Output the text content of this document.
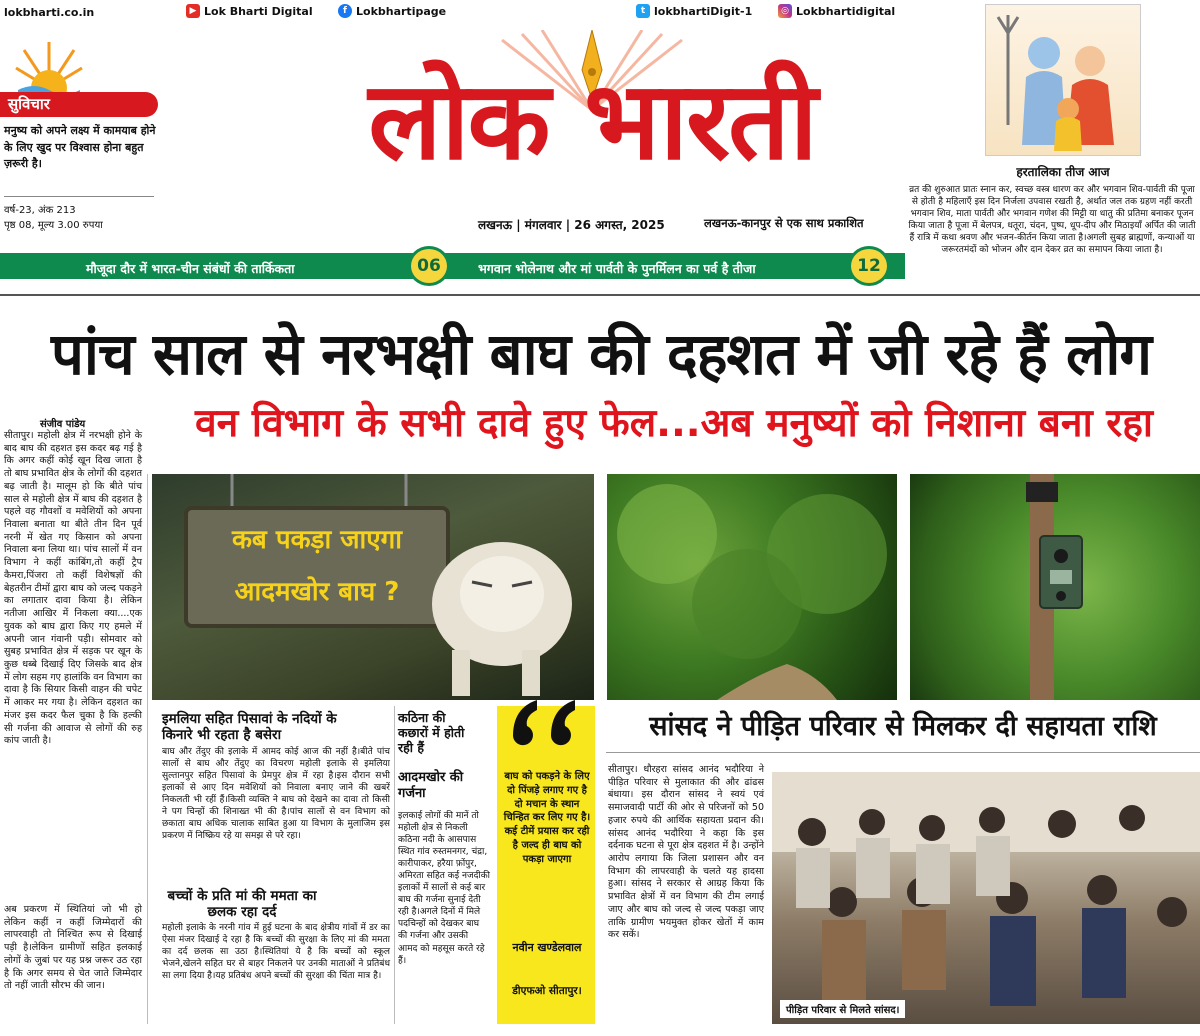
lokbharti.co.in	▶ Lok Bharti Digital	f Lokbhartipage	t lokbhartiDigit-1	◎ Lokbhartidigital
सुविचार
मनुष्य को अपने लक्ष्य में कामयाब होने के लिए खुद पर विश्वास होना बहुत ज़रूरी है।
वर्ष-23, अंक 213
पृष्ठ 08, मूल्य 3.00 रुपया
लोक भारती
लखनऊ | मंगलवार | 26 अगस्त, 2025	लखनऊ-कानपुर से एक साथ प्रकाशित
मौजूदा दौर में भारत-चीन संबंधों की तार्किकता	06	भगवान भोलेनाथ और मां पार्वती के पुनर्मिलन का पर्व है तीजा	12
हरतालिका तीज आज
व्रत की शुरुआत प्रातः स्नान कर, स्वच्छ वस्त्र धारण कर और भगवान शिव-पार्वती की पूजा से होती है महिलाएँ इस दिन निर्जला उपवास रखती है, अर्थात जल तक ग्रहण नहीं करती भगवान शिव, माता पार्वती और भगवान गणेश की मिट्टी या धातु की प्रतिमा बनाकर पूजन किया जाता है पूजा में बेलपत्र, धतूरा, चंदन, पुष्प, धूप-दीप और मिठाइयाँ अर्पित की जाती हैं रात्रि में कथा श्रवण और भजन-कीर्तन किया जाता है।अगली सुबह ब्राह्मणों, कन्याओं या जरूरतमंदों को भोजन और दान देकर व्रत का समापन किया जाता है।
पांच साल से नरभक्षी बाघ की दहशत में जी रहे हैं लोग
वन विभाग के सभी दावे हुए फेल...अब मनुष्यों को निशाना बना रहा
संजीव पांडेय
सीतापुर। महोली क्षेत्र में नरभक्षी होने के बाद बाघ की दहशत इस कदर बढ़ गई है कि अगर कहीं कोई खून दिख जाता है तो बाघ प्रभावित क्षेत्र के लोगों की दहशत बढ़ जाती है। मालूम हो कि बीते पांच साल से महोली क्षेत्र में बाघ की दहशत है पहले वह गौवशों व मवेशियों को अपना निवाला बनाता था बीते तीन दिन पूर्व नरनी में खेत गए किसान को अपना निवाला बना लिया था। पांच सालों में वन विभाग ने कहीं कांबिंग,तो कहीं ट्रैप कैमरा,पिंजरा तो कहीं विशेषज्ञों की बेहतरीन टीमों द्वारा बाघ को जल्द पकड़ने का लगातार दावा किया है। लेकिन नतीजा आखिर में निकला क्या....एक युवक को बाघ द्वारा किए गए हमले में अपनी जान गंवानी पड़ी। सोमवार को सुबह प्रभावित क्षेत्र में सड़क पर खून के कुछ धब्बे दिखाई दिए जिसके बाद क्षेत्र में लोग सहम गए हालांकि वन विभाग का दावा है कि सियार किसी वाहन की चपेट में आकर मर गया है। लेकिन दहशत का मंजर इस कदर फैल चुका है कि हल्की सी गर्जना की आवाज से लोगों की रुह कांप जाती है।
अब प्रकरण में स्थितियां जो भी हो लेकिन कहीं न कहीं जिम्मेदारों की लापरवाही तो निश्चित रूप से दिखाई पड़ी है।लेकिन ग्रामीणों सहित इलकाई लोगों के जुबां पर यह प्रश्न जरूर उठ रहा है कि अगर समय से चेत जाते जिम्मेदार तो नहीं जाती सौरभ की जान।
कब पकड़ा जाएगा
आदमखोर बाघ ?
इमलिया सहित पिसावां के नदियों के किनारे भी रहता है बसेरा
बाघ और तेंदुए की इलाके में आमद कोई आज की नहीं है।बीते पांच सालों से बाघ और तेंदुए का विचरण महोली इलाके से इमलिया सुल्तानपुर सहित पिसावां के प्रेमपुर क्षेत्र में रहा है।इस दौरान सभी इलाकों से आए दिन मवेशियों को निवाला बनाए जाने की खबरें निकलती भी रहीं हैं।किसी व्यक्ति ने बाघ को देखने का दावा तो किसी ने पग चिन्हों की शिनाख्त भी की है।पांच सालों से वन विभाग को छकाता बाघ अधिक चालाक साबित हुआ या विभाग के मुलाजिम इस प्रकरण में निष्क्रिय रहे या समझ से परे रहा।
बच्चों के प्रति मां की ममता का छलक रहा दर्द
महोली इलाके के नरनी गांव में हुई घटना के बाद क्षेत्रीय गांवों में डर का ऐसा मंजर दिखाई दे रहा है कि बच्चों की सुरक्षा के लिए मां की ममता का दर्द छलक सा उठा है।स्थितियां ये है कि बच्चों को स्कूल भेजने,खेलने सहित घर से बाहर निकलने पर उनकी माताओं ने प्रतिबंध सा लगा दिया है।यह प्रतिबंध अपने बच्चों की सुरक्षा की चिंता मात्र है।
कठिना की कछारों में होती रही हैं
आदमखोर की गर्जना
इलकाई लोगों की मानें तो महोली क्षेत्र से निकली कठिना नदी के आसपास स्थित गांव रुस्तमनगर, चंद्रा, कारीपाकर, हरैया फ़ोंपुर, अमिरता सहित कई नजदीकी इलाकों में सालों से कई बार बाघ की गर्जना सुनाई देती रही है।अगले दिनों में मिले पदचिन्हों को देखकर बाघ की गर्जना और उसकी आमद को महसूस करते रहे हैं।
बाघ को पकड़ने के लिए दो पिंजड़े लगाए गए है दो मचान के स्थान चिन्हित कर लिए गए है। कई टीमें प्रयास कर रही है जल्द ही बाघ को पकड़ा जाएगा
नवीन खण्डेलवाल
डीएफओ सीतापुर।
सांसद ने पीड़ित परिवार से मिलकर दी सहायता राशि
सीतापुर। धौरहरा सांसद आनंद भदौरिया ने पीड़ित परिवार से मुलाकात की और ढांढस बंधाया। इस दौरान सांसद ने स्वयं एवं समाजवादी पार्टी की ओर से परिजनों को 50 हजार रुपये की आर्थिक सहायता प्रदान की। सांसद आनंद भदौरिया ने कहा कि इस दर्दनाक घटना से पूरा क्षेत्र दहशत में है। उन्होंने आरोप लगाया कि जिला प्रशासन और वन विभाग की लापरवाही के चलते यह हादसा हुआ। सांसद ने सरकार से आग्रह किया कि प्रभावित क्षेत्रों में वन विभाग की टीम लगाई जाए और बाघ को जल्द से जल्द पकड़ा जाए ताकि ग्रामीण भयमुक्त होकर खेतों में काम कर सकें।
पीड़ित परिवार से मिलते सांसद।
